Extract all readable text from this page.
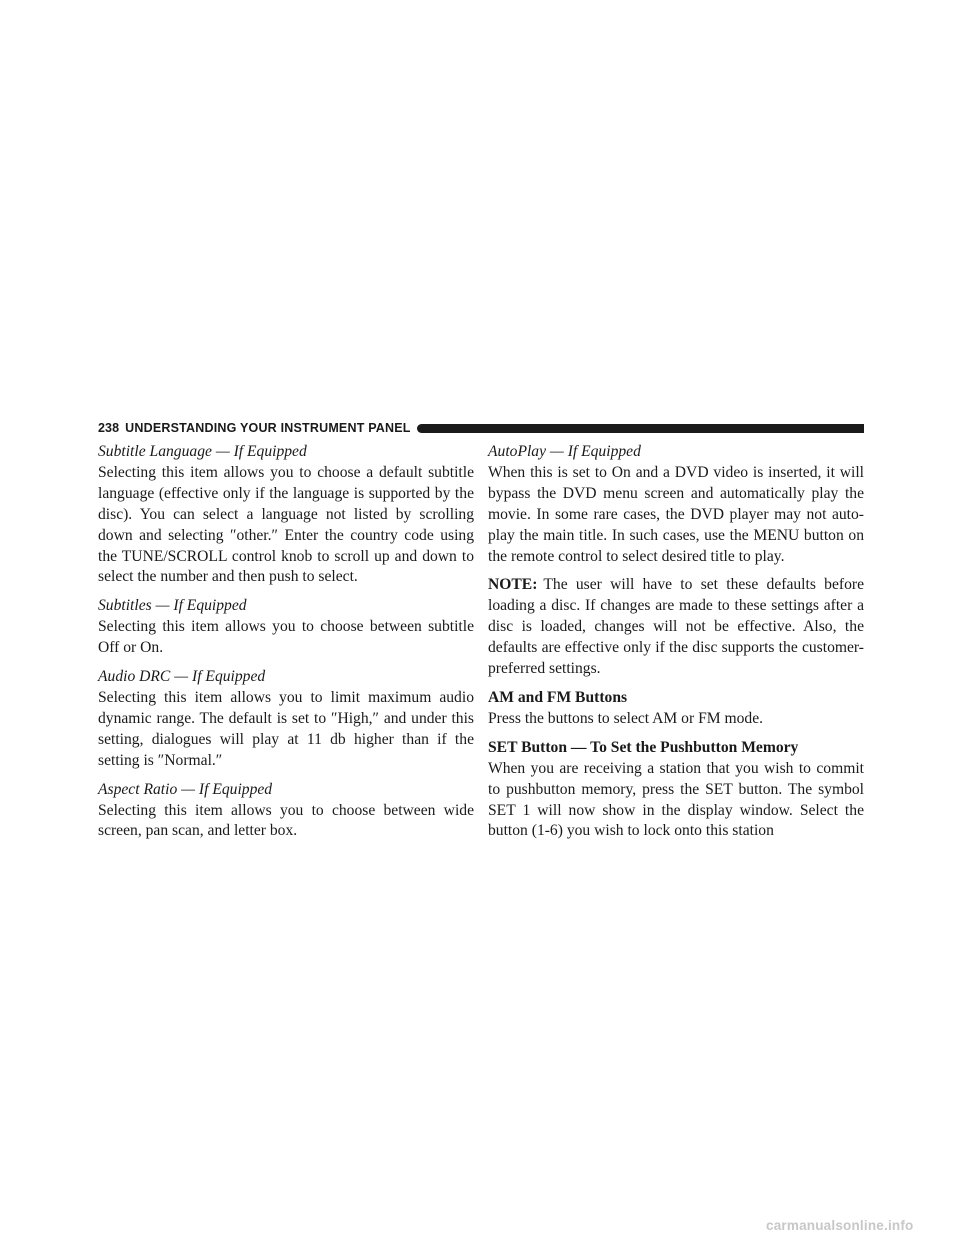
238 UNDERSTANDING YOUR INSTRUMENT PANEL
Subtitle Language — If Equipped

Selecting this item allows you to choose a default subtitle language (effective only if the language is supported by the disc). You can select a language not listed by scrolling down and selecting ″other.″ Enter the country code using the TUNE/SCROLL control knob to scroll up and down to select the number and then push to select.

Subtitles — If Equipped

Selecting this item allows you to choose between subtitle Off or On.

Audio DRC — If Equipped

Selecting this item allows you to limit maximum audio dynamic range. The default is set to ″High,″ and under this setting, dialogues will play at 11 db higher than if the setting is ″Normal.″

Aspect Ratio — If Equipped

Selecting this item allows you to choose between wide screen, pan scan, and letter box.

AutoPlay — If Equipped

When this is set to On and a DVD video is inserted, it will bypass the DVD menu screen and automatically play the movie. In some rare cases, the DVD player may not auto-play the main title. In such cases, use the MENU button on the remote control to select desired title to play.

NOTE: The user will have to set these defaults before loading a disc. If changes are made to these settings after a disc is loaded, changes will not be effective. Also, the defaults are effective only if the disc supports the customer-preferred settings.

AM and FM Buttons

Press the buttons to select AM or FM mode.

SET Button — To Set the Pushbutton Memory

When you are receiving a station that you wish to commit to pushbutton memory, press the SET button. The symbol SET 1 will now show in the display window. Select the button (1-6) you wish to lock onto this station

carmanualsonline.info
